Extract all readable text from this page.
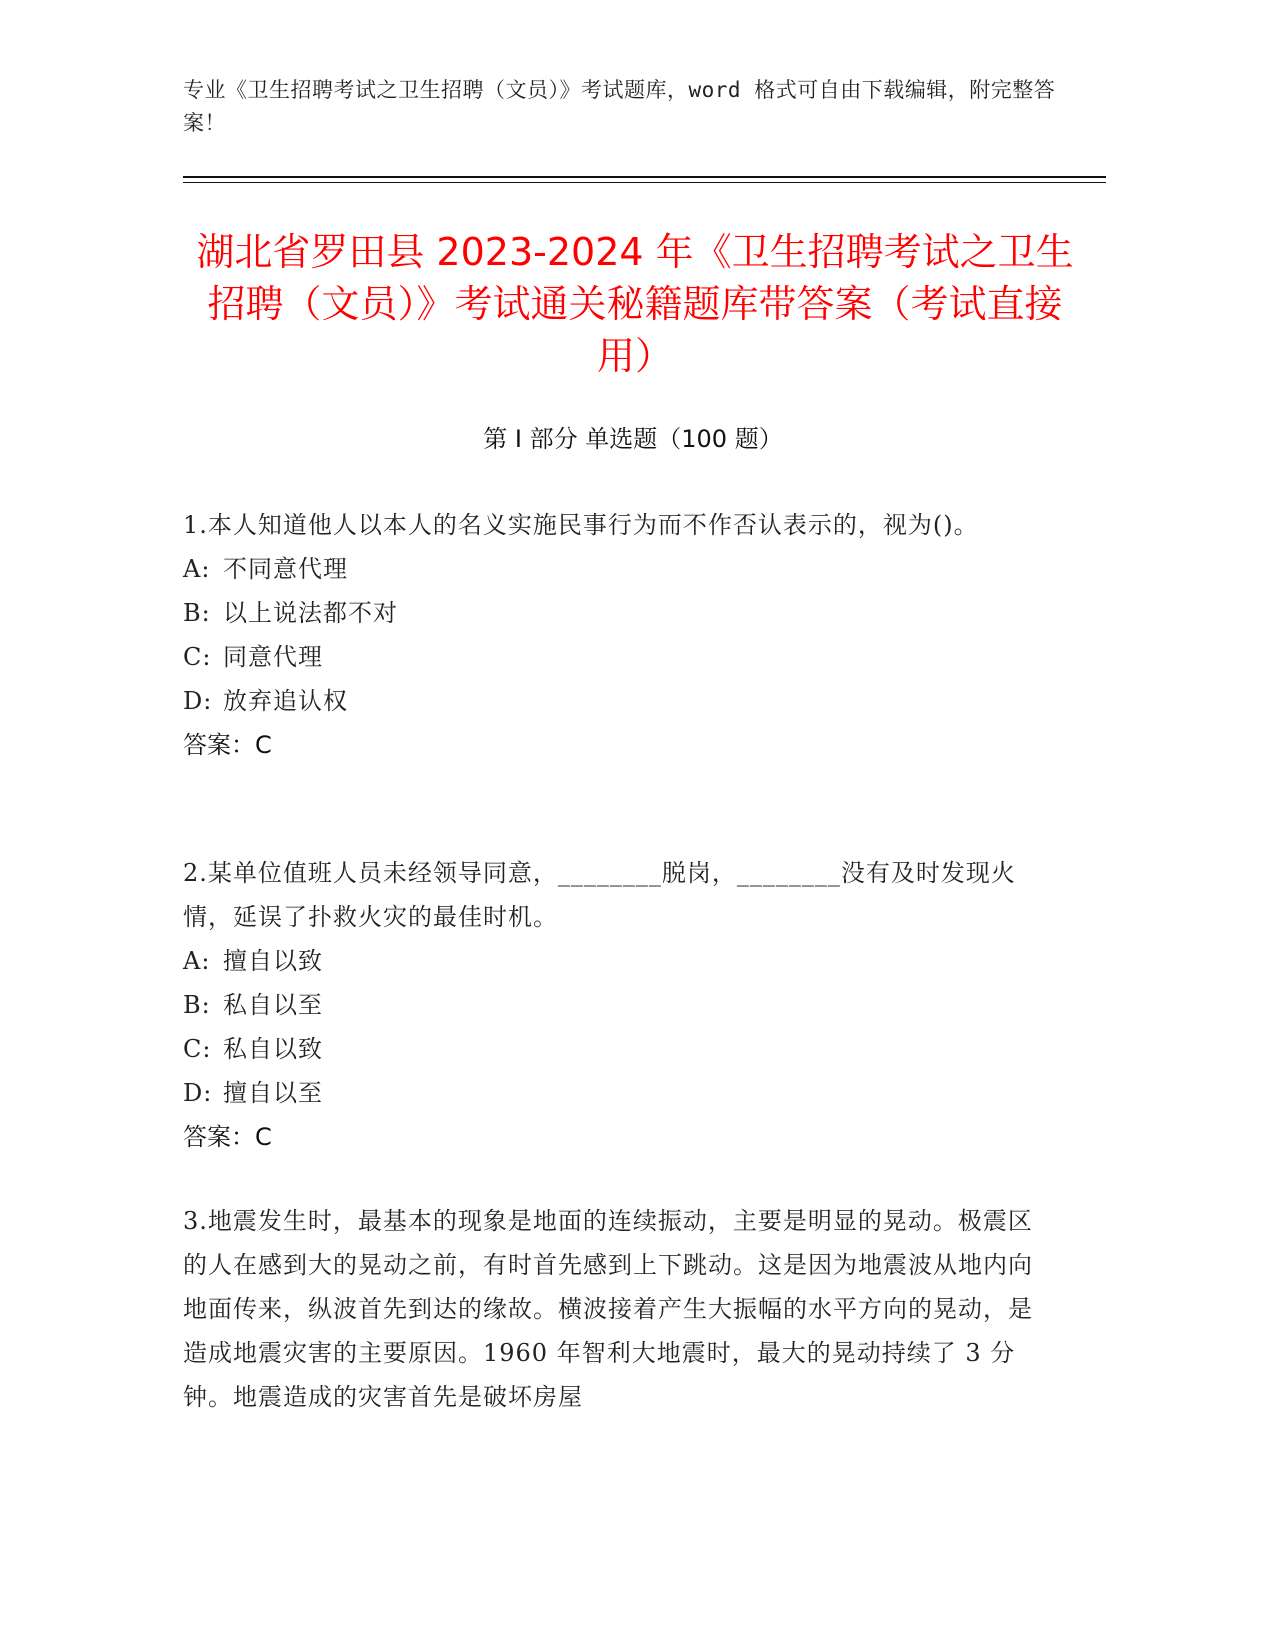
专业《卫生招聘考试之卫生招聘（文员）》考试题库，word 格式可自由下载编辑，附完整答案！
湖北省罗田县 2023-2024 年《卫生招聘考试之卫生招聘（文员）》考试通关秘籍题库带答案（考试直接用）
第 I 部分 单选题（100 题）
1.本人知道他人以本人的名义实施民事行为而不作否认表示的，视为()。
A: 不同意代理
B: 以上说法都不对
C: 同意代理
D: 放弃追认权
答案：C
2.某单位值班人员未经领导同意，________脱岗，________没有及时发现火情，延误了扑救火灾的最佳时机。
A: 擅自以致
B: 私自以至
C: 私自以致
D: 擅自以至
答案：C
3.地震发生时，最基本的现象是地面的连续振动，主要是明显的晃动。极震区的人在感到大的晃动之前，有时首先感到上下跳动。这是因为地震波从地内向地面传来，纵波首先到达的缘故。横波接着产生大振幅的水平方向的晃动，是造成地震灾害的主要原因。1960 年智利大地震时，最大的晃动持续了 3 分钟。地震造成的灾害首先是破坏房屋
